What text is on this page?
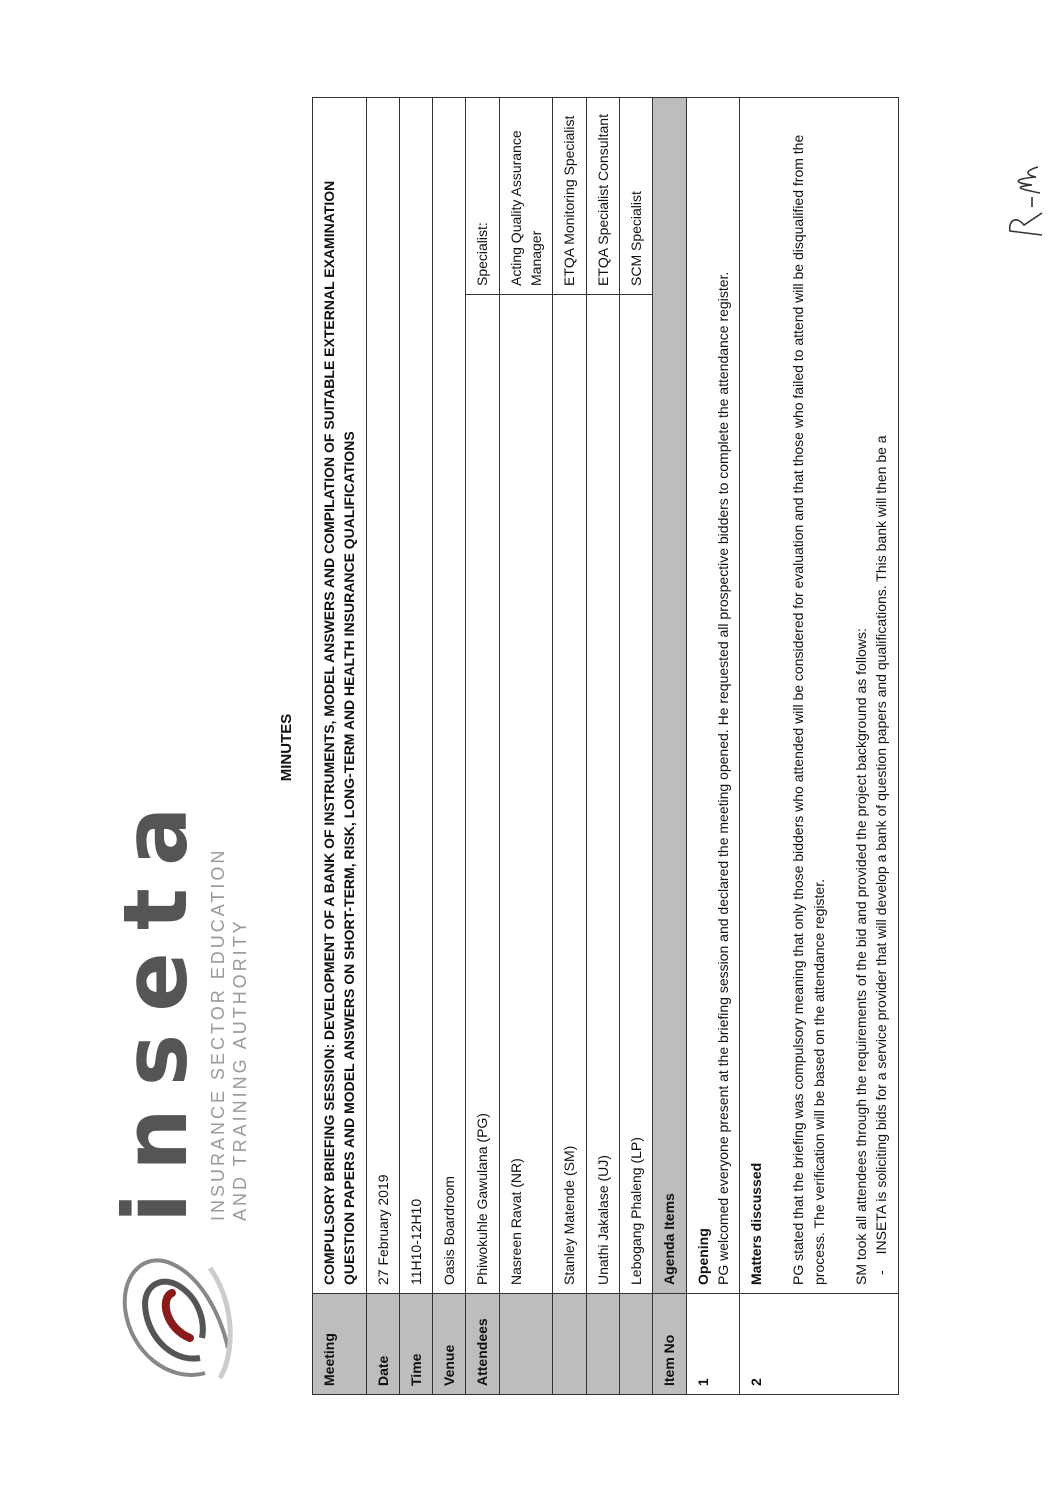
inseta INSURANCE SECTOR EDUCATION AND TRAINING AUTHORITY
MINUTES
Meeting	COMPULSORY BRIEFING SESSION: DEVELOPMENT OF A BANK OF INSTRUMENTS, MODEL ANSWERS AND COMPILATION OF SUITABLE EXTERNAL EXAMINATION QUESTION PAPERS AND MODEL ANSWERS ON SHORT-TERM, RISK, LONG-TERM AND HEALTH INSURANCE QUALIFICATIONS	
Date	27 February 2019	
Time	11H10-12H10	
Venue	Oasis Boardroom	
Attendees	Phiwokuhle Gawulana (PG)	Specialist:
	Nasreen Ravat (NR)	Acting Quality Assurance Manager
	Stanley Matende (SM)	ETQA Monitoring Specialist
	Unathi Jakalase (UJ)	ETQA Specialist Consultant
	Lebogang Phaleng (LP)	SCM Specialist
Item No	Agenda Items	
1	Opening PG welcomed everyone present at the briefing session and declared the meeting opened. He requested all prospective bidders to complete the attendance register.	

2	Matters discussed PG stated that the briefing was compulsory meaning that only those bidders who attended will be considered for evaluation and that those who failed to attend will be disqualified from the process. The verification will be based on the attendance register. SM took all attendees through the requirements of the bid and provided the project background as follows: -
INSETA is soliciting bids for a service provider that will develop a bank of question papers and qualifications. This bank will then be a	
